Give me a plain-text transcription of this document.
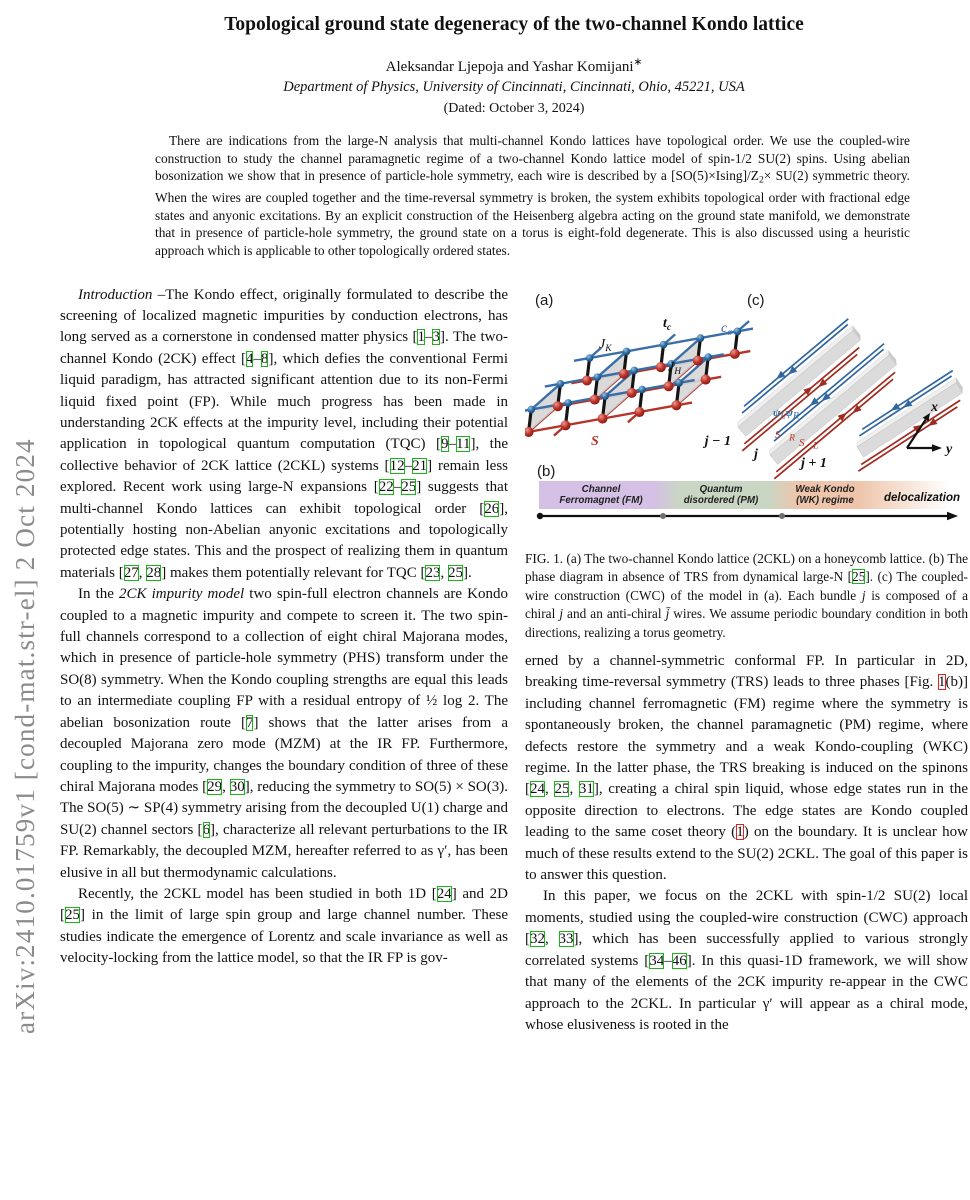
arXiv:2410.01759v1 [cond-mat.str-el] 2 Oct 2024
Topological ground state degeneracy of the two-channel Kondo lattice
Aleksandar Ljepoja and Yashar Komijani∗
Department of Physics, University of Cincinnati, Cincinnati, Ohio, 45221, USA
(Dated: October 3, 2024)
There are indications from the large-N analysis that multi-channel Kondo lattices have topological order. We use the coupled-wire construction to study the channel paramagnetic regime of a two-channel Kondo lattice model of spin-1/2 SU(2) spins. Using abelian bosonization we show that in presence of particle-hole symmetry, each wire is described by a [SO(5)×Ising]/Z2× SU(2) symmetric theory. When the wires are coupled together and the time-reversal symmetry is broken, the system exhibits topological order with fractional edge states and anyonic excitations. By an explicit construction of the Heisenberg algebra acting on the ground state manifold, we demonstrate that in presence of particle-hole symmetry, the ground state on a torus is eight-fold degenerate. This is also discussed using a heuristic approach which is applicable to other topologically ordered states.

Introduction –The Kondo effect, originally formulated to describe the screening of localized magnetic impurities by conduction electrons, has long served as a cornerstone in condensed matter physics [1–3]. The two-channel Kondo (2CK) effect [4–8], which defies the conventional Fermi liquid paradigm, has attracted significant attention due to its non-Fermi liquid fixed point (FP). While much progress has been made in understanding 2CK effects at the impurity level, including their potential application in topological quantum computation (TQC) [9–11], the collective behavior of 2CK lattice (2CKL) systems [12–21] remain less explored. Recent work using large-N expansions [22–25] suggests that multi-channel Kondo lattices can exhibit topological order [26], potentially hosting non-Abelian anyonic excitations and topologically protected edge states. This and the prospect of realizing them in quantum materials [27, 28] makes them potentially relevant for TQC [23, 25].

In the 2CK impurity model two spin-full electron channels are Kondo coupled to a magnetic impurity and compete to screen it. The two spin-full channels correspond to a collection of eight chiral Majorana modes, which in presence of particle-hole symmetry (PHS) transform under the SO(8) symmetry. When the Kondo coupling strengths are equal this leads to an intermediate coupling FP with a residual entropy of ½ log 2. The abelian bosonization route [7] shows that the latter arises from a decoupled Majorana zero mode (MZM) at the IR FP. Furthermore, coupling to the impurity, changes the boundary condition of three of these chiral Majorana modes [29, 30], reducing the symmetry to SO(5) × SO(3). The SO(5) ∼ SP(4) symmetry arising from the decoupled U(1) charge and SU(2) channel sectors [6], characterize all relevant perturbations to the IR FP. Remarkably, the decoupled MZM, hereafter referred to as γ′, has been elusive in all but thermodynamic calculations.

Recently, the 2CKL model has been studied in both 1D [24] and 2D [25] in the limit of large spin group and large channel number. These studies indicate the emergence of Lorentz and scale invariance as well as velocity-locking from the lattice model, so that the IR FP is gov-

(a)
$t_c$
$J_K$
$J_H$
$c_\sigma$
S⃗
(c)
ψLψR
S⃗R S⃗L
j − 1
j
j + 1
x
y
(b)
Channel
Ferromagnet (FM)
Quantum
disordered (PM)
Weak Kondo
(WK) regime	delocalization
FIG. 1. (a) The two-channel Kondo lattice (2CKL) on a honeycomb lattice. (b) The phase diagram in absence of TRS from dynamical large-N [25]. (c) The coupled-wire construction (CWC) of the model in (a). Each bundle j is composed of a chiral j and an anti-chiral j̄ wires. We assume periodic boundary condition in both directions, realizing a torus geometry.

erned by a channel-symmetric conformal FP. In particular in 2D, breaking time-reversal symmetry (TRS) leads to three phases [Fig. 1(b)] including channel ferromagnetic (FM) regime where the symmetry is spontaneously broken, the channel paramagnetic (PM) regime, where defects restore the symmetry and a weak Kondo-coupling (WKC) regime. In the latter phase, the TRS breaking is induced on the spinons [24, 25, 31], creating a chiral spin liquid, whose edge states run in the opposite direction to electrons. The edge states are Kondo coupled leading to the same coset theory (1) on the boundary. It is unclear how much of these results extend to the SU(2) 2CKL. The goal of this paper is to answer this question.

In this paper, we focus on the 2CKL with spin-1/2 SU(2) local moments, studied using the coupled-wire construction (CWC) approach [32, 33], which has been successfully applied to various strongly correlated systems [34–46]. In this quasi-1D framework, we will show that many of the elements of the 2CK impurity re-appear in the CWC approach to the 2CKL. In particular γ′ will appear as a chiral mode, whose elusiveness is rooted in the
